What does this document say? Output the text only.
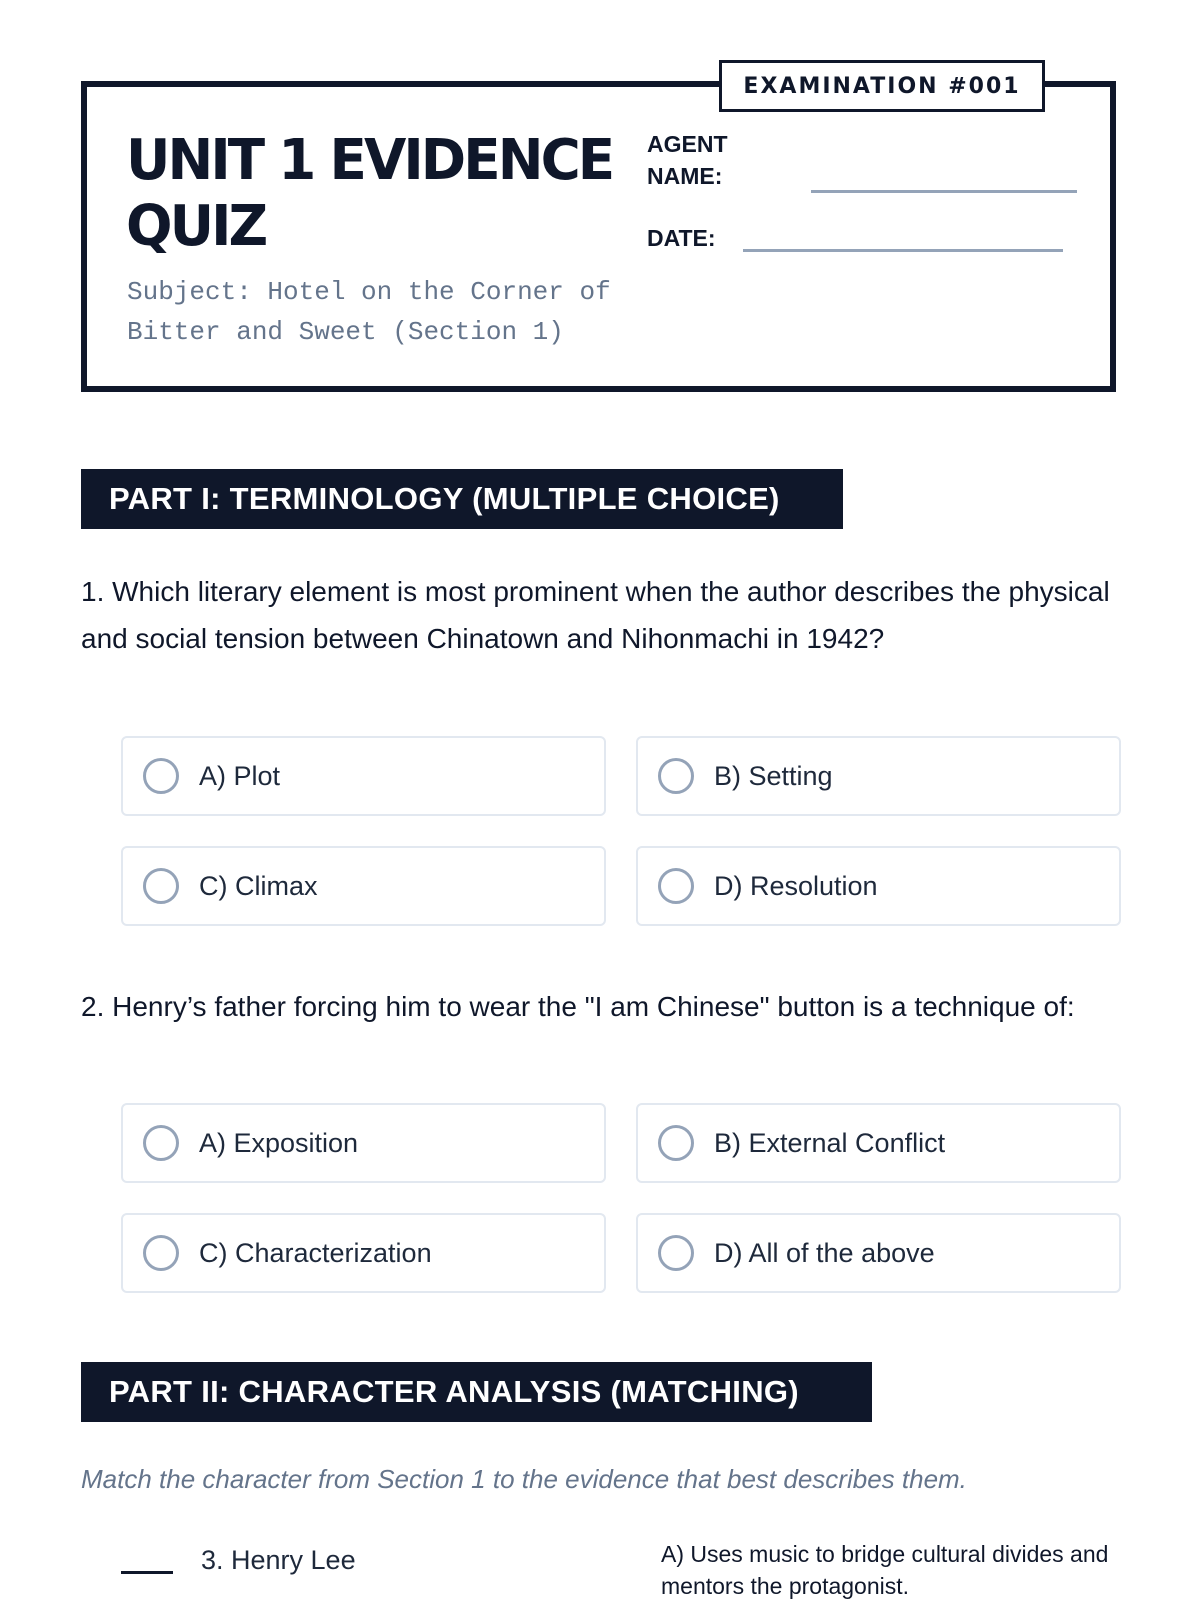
EXAMINATION #001
UNIT 1 EVIDENCE
QUIZ
Subject: Hotel on the Corner of Bitter and Sweet (Section 1)
AGENT NAME:
DATE:
PART I: TERMINOLOGY (MULTIPLE CHOICE)
1. Which literary element is most prominent when the author describes the physical and social tension between Chinatown and Nihonmachi in 1942?
A) Plot	B) Setting
C) Climax	D) Resolution
2. Henry’s father forcing him to wear the "I am Chinese" button is a technique of:
A) Exposition	B) External Conflict
C) Characterization	D) All of the above
PART II: CHARACTER ANALYSIS (MATCHING)
Match the character from Section 1 to the evidence that best describes them.
3. Henry Lee	A) Uses music to bridge cultural divides and mentors the protagonist.
